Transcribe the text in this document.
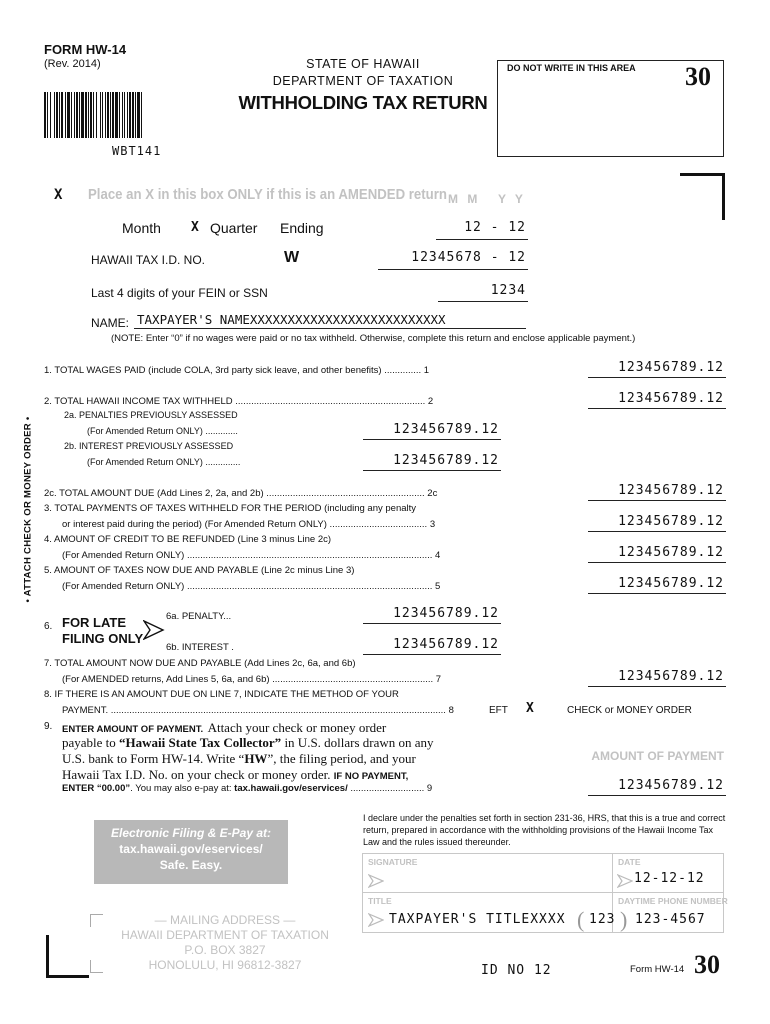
FORM HW-14
(Rev. 2014)	STATE OF HAWAII
DEPARTMENT OF TAXATION
WITHHOLDING TAX RETURN
WBT141
DO NOT WRITE IN THIS AREA 30
X Place an X in this box ONLY if this is an AMENDED return M M Y Y
Month X Quarter Ending	12 - 12
HAWAII TAX I.D. NO.	W	12345678 - 12
Last 4 digits of your FEIN or SSN	1234
NAME: TAXPAYER'S NAMEXXXXXXXXXXXXXXXXXXXXXXXXXX
(NOTE: Enter “0” if no wages were paid or no tax withheld. Otherwise, complete this return and enclose applicable payment.)
• ATTACH CHECK OR MONEY ORDER •
1. TOTAL WAGES PAID (include COLA, 3rd party sick leave, and other benefits) .............. 1	123456789.12
2. TOTAL HAWAII INCOME TAX WITHHELD ........................................................................ 2	123456789.12
2a. PENALTIES PREVIOUSLY ASSESSED
(For Amended Return ONLY) .............	123456789.12
2b. INTEREST PREVIOUSLY ASSESSED
(For Amended Return ONLY) ..............	123456789.12
2c. TOTAL AMOUNT DUE (Add Lines 2, 2a, and 2b) ............................................................ 2c	123456789.12
3. TOTAL PAYMENTS OF TAXES WITHHELD FOR THE PERIOD (including any penalty
or interest paid during the period) (For Amended Return ONLY) ..................................... 3	123456789.12
4. AMOUNT OF CREDIT TO BE REFUNDED (Line 3 minus Line 2c)
(For Amended Return ONLY) ............................................................................................. 4	123456789.12
5. AMOUNT OF TAXES NOW DUE AND PAYABLE (Line 2c minus Line 3)
(For Amended Return ONLY) ............................................................................................. 5	123456789.12
6. FOR LATE
FILING ONLY
6a. PENALTY...	123456789.12
6b. INTEREST .	123456789.12
7. TOTAL AMOUNT NOW DUE AND PAYABLE (Add Lines 2c, 6a, and 6b)
(For AMENDED returns, Add Lines 5, 6a, and 6b) ............................................................. 7	123456789.12
8. IF THERE IS AN AMOUNT DUE ON LINE 7, INDICATE THE METHOD OF YOUR
PAYMENT. ............................................................................................................................... 8	EFT X	CHECK or MONEY ORDER
9. ENTER AMOUNT OF PAYMENT. Attach your check or money order
payable to “Hawaii State Tax Collector” in U.S. dollars drawn on any
U.S. bank to Form HW-14. Write “HW”, the filing period, and your
Hawaii Tax I.D. No. on your check or money order. IF NO PAYMENT,
ENTER “00.00”. You may also e-pay at: tax.hawaii.gov/eservices/ ............................ 9
AMOUNT OF PAYMENT
123456789.12
Electronic Filing & E-Pay at:
tax.hawaii.gov/eservices/
Safe. Easy.
I declare under the penalties set forth in section 231-36, HRS, that this is a true and correct return, prepared in accordance with the withholding provisions of the Hawaii Income Tax Law and the rules issued thereunder.
SIGNATURE	DATE
12-12-12
TITLE
TAXPAYER'S TITLEXXXX
DAYTIME PHONE NUMBER
( 123 ) 123-4567
— MAILING ADDRESS —
HAWAII DEPARTMENT OF TAXATION
P.O. BOX 3827
HONOLULU, HI 96812-3827	ID NO 12	Form HW-14 30
